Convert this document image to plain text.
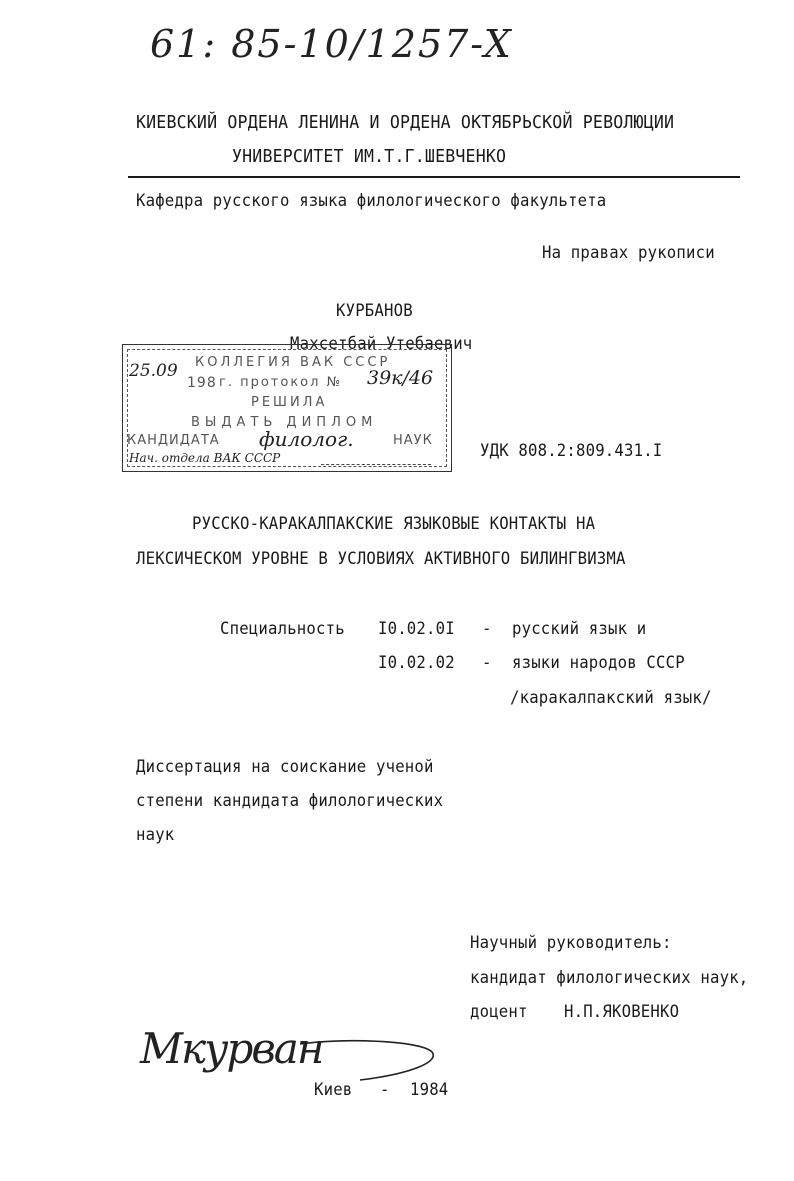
61: 85-10/1257-X
КИЕВСКИЙ ОРДЕНА ЛЕНИНА И ОРДЕНА ОКТЯБРЬСКОЙ РЕВОЛЮЦИИ
УНИВЕРСИТЕТ ИМ.Т.Г.ШЕВЧЕНКО
Кафедра русского языка филологического факультета
На правах рукописи
КУРБАНОВ
Махсетбай Утебаевич
25.09 КОЛЛЕГИЯ ВАК СССР
198 г. протокол № 39к/46
РЕШИЛА
ВЫДАТЬ ДИПЛОМ
КАНДИДАТА филолог.	НАУК
Нач. отдела ВАК СССР	УДК 808.2:809.431.I
РУССКО-КАРАКАЛПАКСКИЕ ЯЗЫКОВЫЕ КОНТАКТЫ НА
ЛЕКСИЧЕСКОМ УРОВНЕ В УСЛОВИЯХ АКТИВНОГО БИЛИНГВИЗМА
Специальность I0.02.0I - русский язык и
I0.02.02 - языки народов СССР
/каракалпакский язык/
Диссертация на соискание ученой
степени кандидата филологических
наук
Научный руководитель:
кандидат филологических наук,
доцент Н.П.ЯКОВЕНКО
Мкурван
Киев - 1984
